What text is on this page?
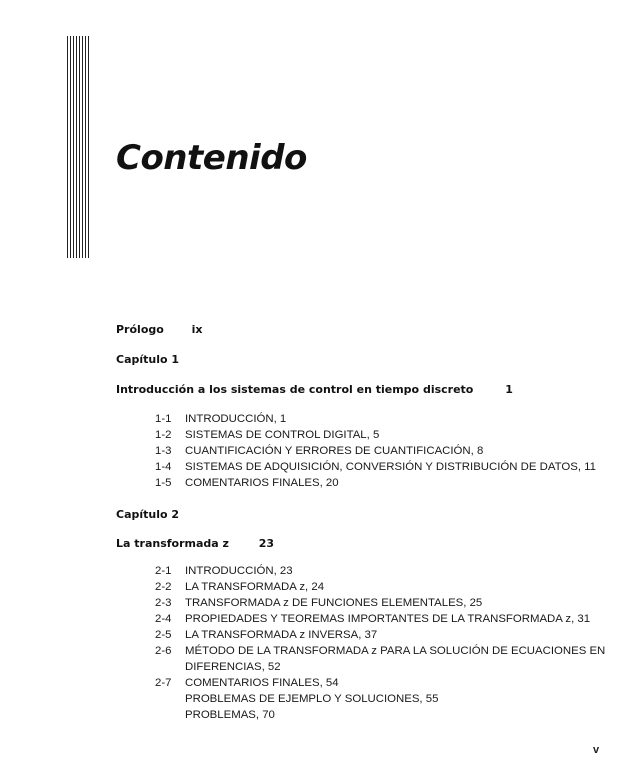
Contenido
Prólogo	ix
Capítulo 1
Introducción a los sistemas de control en tiempo discreto	1
1-1 INTRODUCCIÓN, 1
1-2 SISTEMAS DE CONTROL DIGITAL, 5
1-3 CUANTIFICACIÓN Y ERRORES DE CUANTIFICACIÓN, 8
1-4 SISTEMAS DE ADQUISICIÓN, CONVERSIÓN Y DISTRIBUCIÓN DE DATOS, 11
1-5 COMENTARIOS FINALES, 20
Capítulo 2
La transformada z	23
2-1 INTRODUCCIÓN, 23
2-2 LA TRANSFORMADA z, 24
2-3 TRANSFORMADA z DE FUNCIONES ELEMENTALES, 25
2-4 PROPIEDADES Y TEOREMAS IMPORTANTES DE LA TRANSFORMADA z, 31
2-5 LA TRANSFORMADA z INVERSA, 37
2-6 MÉTODO DE LA TRANSFORMADA z PARA LA SOLUCIÓN DE ECUACIONES EN
DIFERENCIAS, 52
2-7 COMENTARIOS FINALES, 54
PROBLEMAS DE EJEMPLO Y SOLUCIONES, 55
PROBLEMAS, 70
v
